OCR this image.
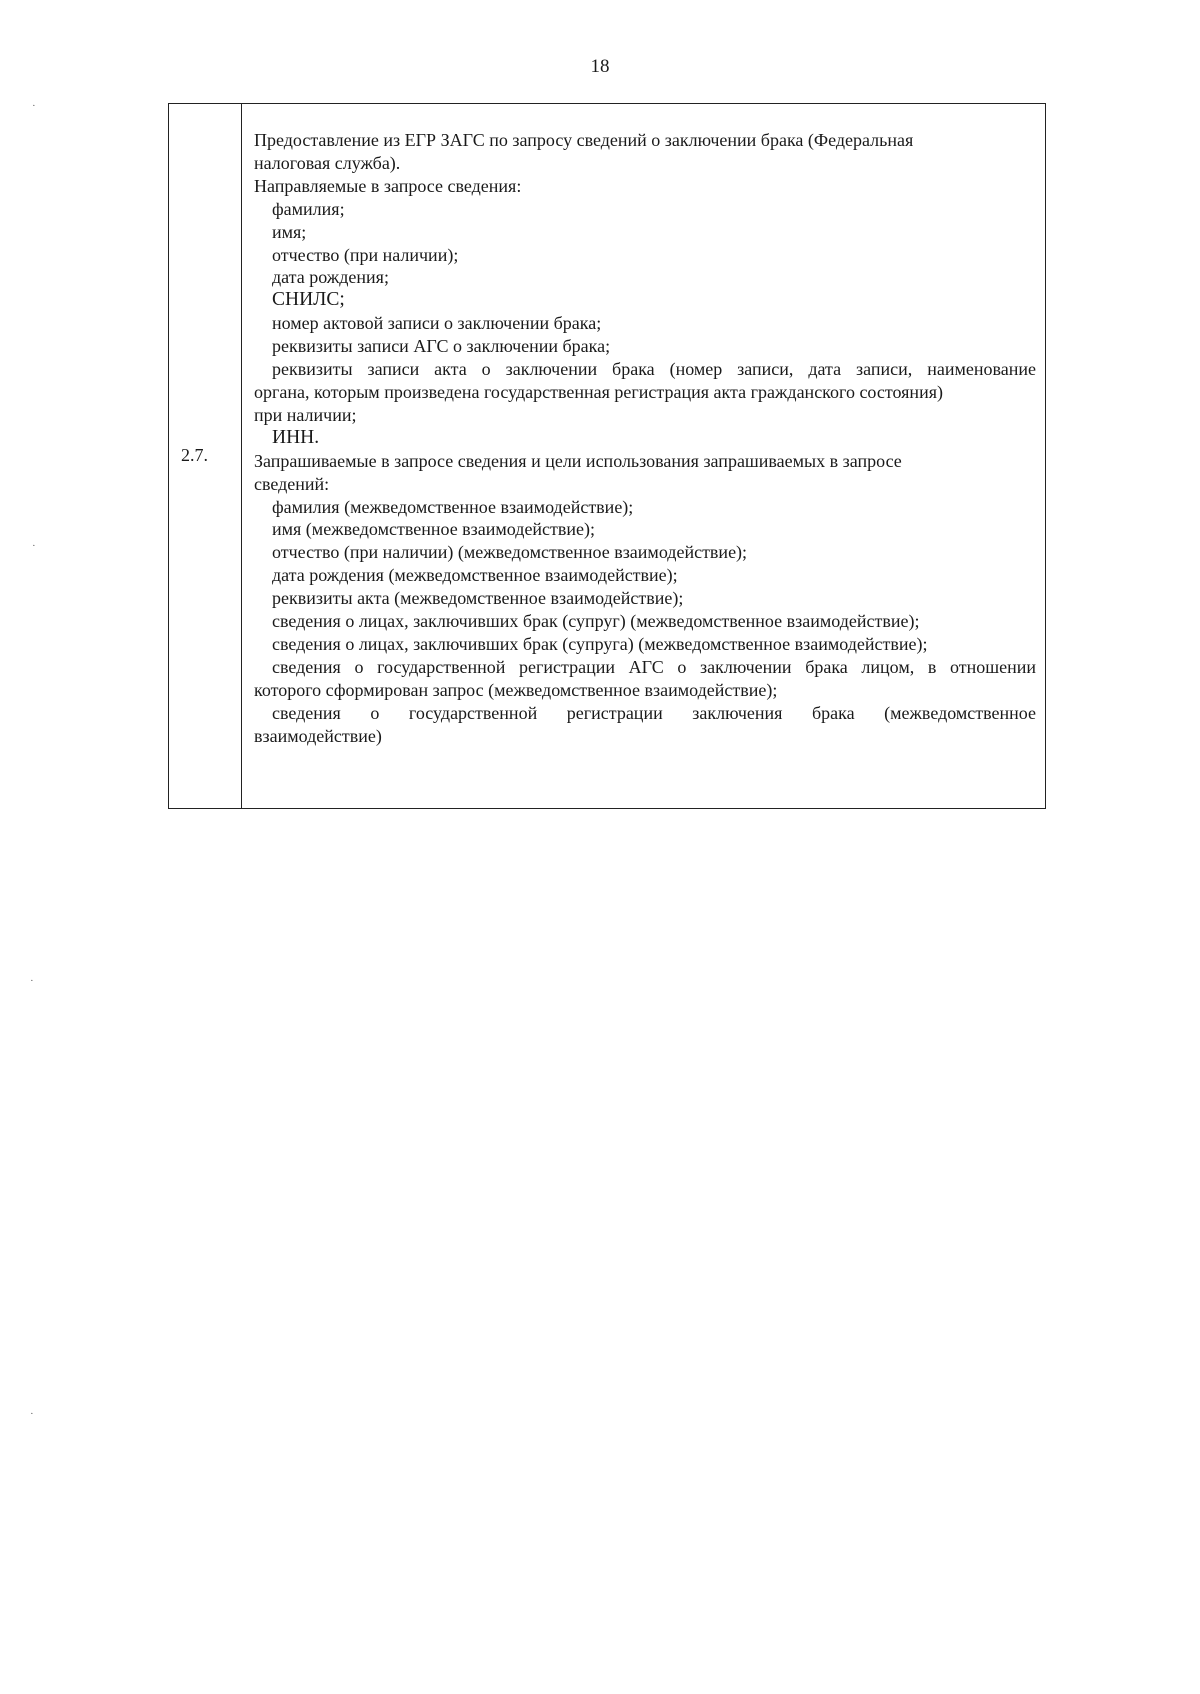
18
·
·
·
·
2.7.
Предоставление из ЕГР ЗАГС по запросу сведений о заключении брака (Федеральная
налоговая служба).
Направляемые в запросе сведения:
фамилия;
имя;
отчество (при наличии);
дата рождения;
СНИЛС;
номер актовой записи о заключении брака;
реквизиты записи АГС о заключении брака;
реквизиты записи акта о заключении брака (номер записи, дата записи, наименование
органа, которым произведена государственная регистрация акта гражданского состояния)
при наличии;
ИНН.
Запрашиваемые в запросе сведения и цели использования запрашиваемых в запросе
сведений:
фамилия (межведомственное взаимодействие);
имя (межведомственное взаимодействие);
отчество (при наличии) (межведомственное взаимодействие);
дата рождения (межведомственное взаимодействие);
реквизиты акта (межведомственное взаимодействие);
сведения о лицах, заключивших брак (супруг) (межведомственное взаимодействие);
сведения о лицах, заключивших брак (супруга) (межведомственное взаимодействие);
сведения о государственной регистрации АГС о заключении брака лицом, в отношении
которого сформирован запрос (межведомственное взаимодействие);
сведения о государственной регистрации заключения брака (межведомственное
взаимодействие)
